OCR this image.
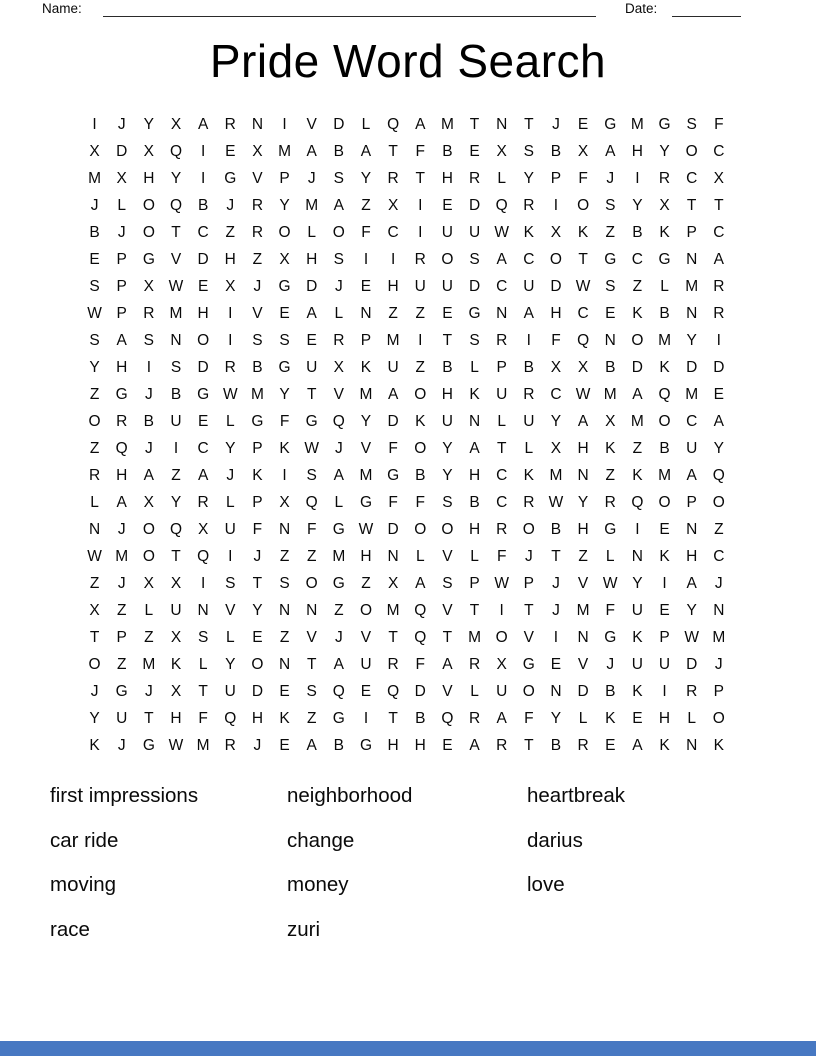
Name:	Date:
Pride Word Search
I	J	Y	X	A	R	N	I	V	D	L	Q	A	M	T	N	T	J	E	G M G	S	F
X	D	X	Q	I	E	X	M	A	B	A	T	F	B	E	X	S	B	X	A	H	Y	O	C
M	X	H	Y	I	G	V	P	J	S	Y	R	T	H	R	L	Y	P	F	J	I	R	C	X
J	L	O Q	B	J	R	Y	M	A	Z	X	I	E	D	Q	R	I	O	S	Y	X	T	T
B	J	O	T	C	Z	R	O	L	O	F	C	I	U	U W K	X	K	Z	B	K	P	C
E	P	G	V	D	H	Z	X	H	S	I	I	R	O	S	A	C	O	T	G	C	G	N	A
S	P	X W E	X	J	G	D	J	E	H	U	U	D	C	U	D W S	Z	L	M R
W P	R M H	I	V	E	A	L	N	Z	Z	E	G	N	A	H	C	E	K	B	N	R
S	A	S	N	O	I	S	S	E	R	P	M	I	T	S	R	I	F	Q	N	O M	Y	I
Y	H	I	S	D	R	B	G	U	X	K	U	Z	B	L	P	B	X	X	B	D	K	D	D
Z	G	J	B	G W M	Y	T	V	M	A	O	H	K	U	R	C W M	A	Q M	E
O	R	B	U	E	L	G	F	G Q	Y	D	K	U	N	L	U	Y	A	X	M O	C	A
Z	Q	J	I	C	Y	P	K W	J	V	F	O	Y	A	T	L	X	H	K	Z	B	U	Y
R	H	A	Z	A	J	K	I	S	A	M G	B	Y	H	C	K	M N	Z	K	M	A	Q
L	A	X	Y	R	L	P	X	Q	L	G	F	F	S	B	C	R W Y	R	Q O	P	O
N	J	O Q	X	U	F	N	F	G W D	O O	H	R	O	B	H	G	I	E	N	Z
W M O	T	Q	I	J	Z	Z	M H	N	L	V	L	F	J	T	Z	L	N	K	H	C
Z	J	X	X	I	S	T	S	O G	Z	X	A	S	P W P	J	V W Y	I	A	J
X	Z	L	U	N	V	Y	N	N	Z	O M Q	V	T	I	T	J	M	F	U	E	Y	N
T	P	Z	X	S	L	E	Z	V	J	V	T	Q	T	M O	V	I	N	G	K	P W M
O	Z	M	K	L	Y	O	N	T	A	U	R	F	A	R	X	G	E	V	J	U	U	D	J
J	G	J	X	T	U	D	E	S	Q	E	Q	D	V	L	U	O	N	D	B	K	I	R	P
Y	U	T	H	F	Q	H	K	Z	G	I	T	B	Q	R	A	F	Y	L	K	E	H	L	O
K	J	G W M R	J	E	A	B	G	H	H	E	A	R	T	B	R	E	A	K	N	K
first impressions
car ride
moving
race
neighborhood
change
money
zuri
heartbreak
darius
love
